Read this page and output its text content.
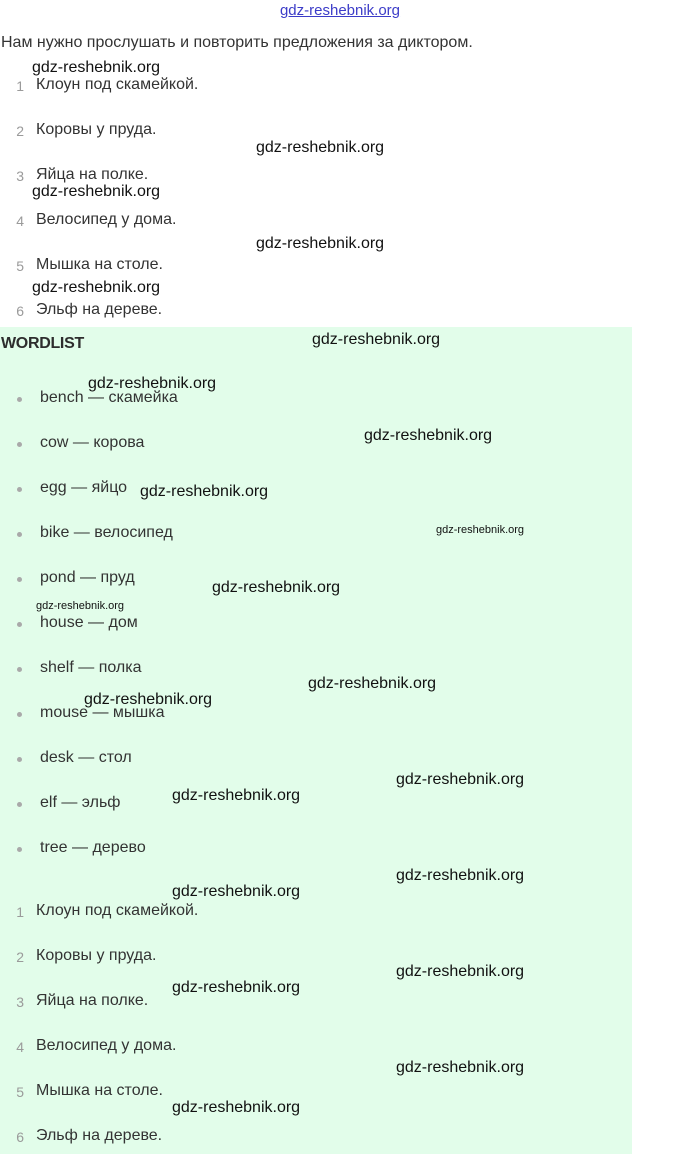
gdz-reshebnik.org
Нам нужно прослушать и повторить предложения за диктором.
1 Клоун под скамейкой.
2 Коровы у пруда.
3 Яйца на полке.
4 Велосипед у дома.
5 Мышка на столе.
6 Эльф на дереве.
WORDLIST
bench — скамейка
cow — корова
egg — яйцо
bike — велосипед
pond — пруд
house — дом
shelf — полка
mouse — мышка
desk — стол
elf — эльф
tree — дерево
1 Клоун под скамейкой.
2 Коровы у пруда.
3 Яйца на полке.
4 Велосипед у дома.
5 Мышка на столе.
6 Эльф на дереве.
gdz-reshebnik.org
gdz-reshebnik.org
gdz-reshebnik.org
gdz-reshebnik.org
gdz-reshebnik.org
gdz-reshebnik.org
gdz-reshebnik.org
gdz-reshebnik.org
gdz-reshebnik.org
gdz-reshebnik.org
gdz-reshebnik.org
gdz-reshebnik.org
gdz-reshebnik.org
gdz-reshebnik.org
gdz-reshebnik.org
gdz-reshebnik.org
gdz-reshebnik.org
gdz-reshebnik.org
gdz-reshebnik.org
gdz-reshebnik.org
gdz-reshebnik.org
gdz-reshebnik.org
